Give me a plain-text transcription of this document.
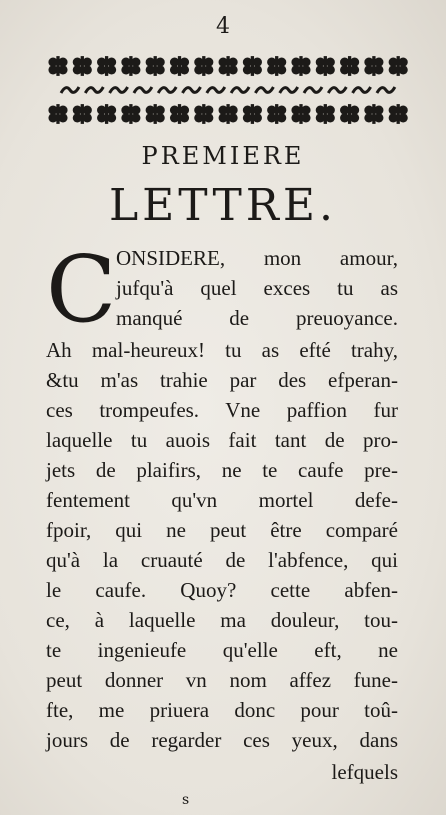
4
PREMIERE
LETTRE.
C ONSIDERE, mon amour,
jufqu'à quel exces tu as
manqué de preuoyance.
Ah mal-heureux! tu as efté trahy,
&tu m'as trahie par des efperan-
ces trompeufes. Vne paffion fur
laquelle tu auois fait tant de pro-
jets de plaifirs, ne te caufe pre-
fentement qu'vn mortel defe-
fpoir, qui ne peut être comparé
qu'à la cruauté de l'abfence, qui
le caufe. Quoy? cette abfen-
ce, à laquelle ma douleur, tou-
te ingenieufe qu'elle eft, ne
peut donner vn nom affez fune-
fte, me priuera donc pour toû-
jours de regarder ces yeux, dans
lefquels
s
